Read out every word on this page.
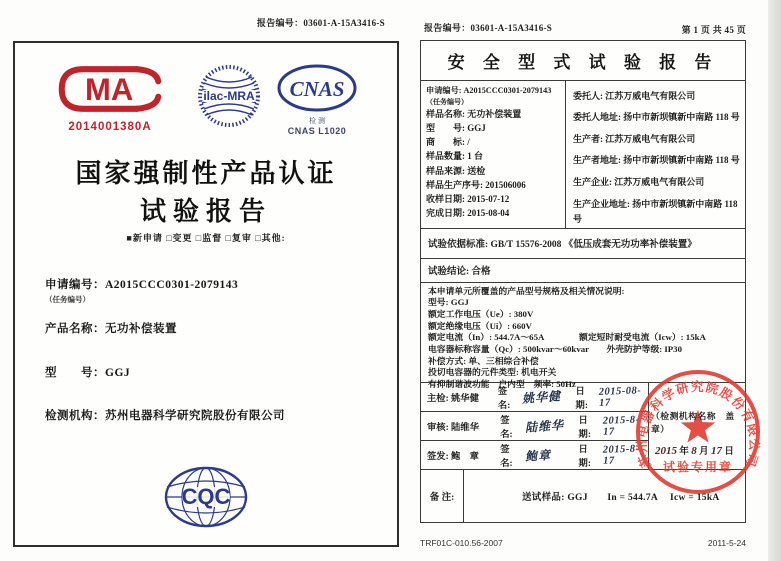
报告编号：03601-A-15A3416-S	报告编号：03601-A-15A3416-S	第 1 页 共 45 页
MA
2014001380A
ilac-MRA CNAS
检 测
CNAS L1020
国家强制性产品认证
试验报告
■新申请 □变更 □监督 □复审 □其他:
申请编号：A2015CCC0301-2079143
（任务编号）
产品名称：无功补偿装置
型　　号：GGJ
检测机构：苏州电器科学研究院股份有限公司
CQC
安 全 型 式 试 验 报 告
申请编号: A2015CCC0301-2079143
（任务编号）
样品名称: 无功补偿装置
型　　号: GGJ
商　　标: /
样品数量: 1 台
样品来源: 送检
样品生产序号: 201506006
收样日期: 2015-07-12
完成日期: 2015-08-04
委托人: 江苏万威电气有限公司
委托人地址: 扬中市新坝镇新中南路 118 号
生产者: 江苏万威电气有限公司
生产者地址: 扬中市新坝镇新中南路 118 号
生产企业: 江苏万威电气有限公司
生产企业地址: 扬中市新坝镇新中南路 118 号
试验依据标准: GB/T 15576-2008 《低压成套无功功率补偿装置》
试验结论: 合格
本申请单元所覆盖的产品型号规格及相关情况说明:
型号: GGJ
额定工作电压（Ue）: 380V
额定绝缘电压（Ui）: 660V
额定电流（In）: 544.7A～65A　　　　额定短时耐受电流（Icw）: 15kA
电容器标称容量（Qc）: 500kvar～60kvar　　外壳防护等级: IP30
补偿方式: 单、三相综合补偿
投切电容器的元件类型: 机电开关
有抑制谐波功能　户内型　频率: 50Hz
主检: 姚华健
签名: 姚华健	日期:
2015-08-17
审核: 陆维华
签名: 陆维华	日期:
2015-8-17
签发: 鲍　章
签名: 鲍章	日期:
2015-8-17	苏州电器科学研究院股份有限公司
试验专用章
（检测机构名称　盖章）
2015 年 8 月 17 日
备 注:	送试样品: GGJ　　In = 544.7A　 Icw = 15kA
TRF01C-010.56-2007	2011-5-24
